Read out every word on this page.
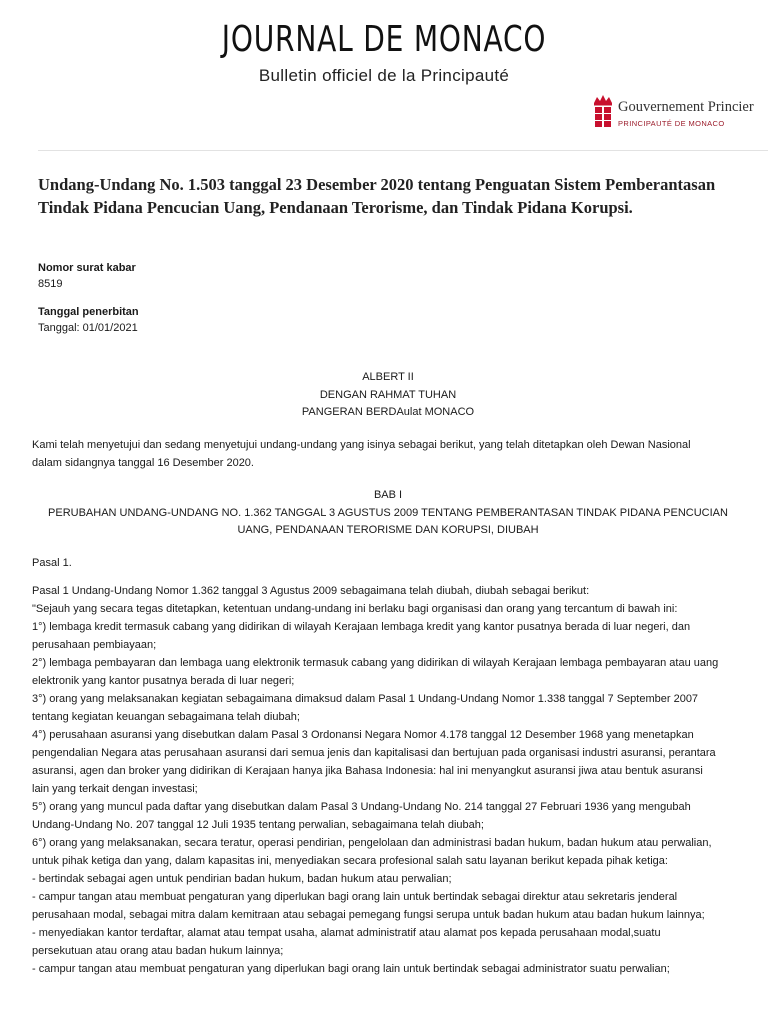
JOURNAL DE MONACO
Bulletin officiel de la Principauté
Gouvernement Princier
PRINCIPAUTÉ DE MONACO
Undang-Undang No. 1.503 tanggal 23 Desember 2020 tentang Penguatan Sistem Pemberantasan Tindak Pidana Pencucian Uang, Pendanaan Terorisme, dan Tindak Pidana Korupsi.
Nomor surat kabar
8519
Tanggal penerbitan
Tanggal: 01/01/2021
ALBERT II
DENGAN RAHMAT TUHAN
PANGERAN BERDAulat MONACO
Kami telah menyetujui dan sedang menyetujui undang-undang yang isinya sebagai berikut, yang telah ditetapkan oleh Dewan Nasional
dalam sidangnya tanggal 16 Desember 2020.
BAB I
PERUBAHAN UNDANG-UNDANG NO. 1.362 TANGGAL 3 AGUSTUS 2009 TENTANG PEMBERANTASAN TINDAK PIDANA PENCUCIAN
UANG, PENDANAAN TERORISME DAN KORUPSI, DIUBAH
Pasal 1.
Pasal 1 Undang-Undang Nomor 1.362 tanggal 3 Agustus 2009 sebagaimana telah diubah, diubah sebagai berikut:
"Sejauh yang secara tegas ditetapkan, ketentuan undang-undang ini berlaku bagi organisasi dan orang yang tercantum di bawah ini:
1°) lembaga kredit termasuk cabang yang didirikan di wilayah Kerajaan lembaga kredit yang kantor pusatnya berada di luar negeri, dan
perusahaan pembiayaan;
2°) lembaga pembayaran dan lembaga uang elektronik termasuk cabang yang didirikan di wilayah Kerajaan lembaga pembayaran atau uang
elektronik yang kantor pusatnya berada di luar negeri;
3°) orang yang melaksanakan kegiatan sebagaimana dimaksud dalam Pasal 1 Undang-Undang Nomor 1.338 tanggal 7 September 2007
tentang kegiatan keuangan sebagaimana telah diubah;
4°) perusahaan asuransi yang disebutkan dalam Pasal 3 Ordonansi Negara Nomor 4.178 tanggal 12 Desember 1968 yang menetapkan
pengendalian Negara atas perusahaan asuransi dari semua jenis dan kapitalisasi dan bertujuan pada organisasi industri asuransi, perantara
asuransi, agen dan broker yang didirikan di Kerajaan hanya jika Bahasa Indonesia: hal ini menyangkut asuransi jiwa atau bentuk asuransi
lain yang terkait dengan investasi;
5°) orang yang muncul pada daftar yang disebutkan dalam Pasal 3 Undang-Undang No. 214 tanggal 27 Februari 1936 yang mengubah
Undang-Undang No. 207 tanggal 12 Juli 1935 tentang perwalian, sebagaimana telah diubah;
6°) orang yang melaksanakan, secara teratur, operasi pendirian, pengelolaan dan administrasi badan hukum, badan hukum atau perwalian,
untuk pihak ketiga dan yang, dalam kapasitas ini, menyediakan secara profesional salah satu layanan berikut kepada pihak ketiga:
- bertindak sebagai agen untuk pendirian badan hukum, badan hukum atau perwalian;
- campur tangan atau membuat pengaturan yang diperlukan bagi orang lain untuk bertindak sebagai direktur atau sekretaris jenderal
perusahaan modal, sebagai mitra dalam kemitraan atau sebagai pemegang fungsi serupa untuk badan hukum atau badan hukum lainnya;
- menyediakan kantor terdaftar, alamat atau tempat usaha, alamat administratif atau alamat pos kepada perusahaan modal,suatu
persekutuan atau orang atau badan hukum lainnya;
- campur tangan atau membuat pengaturan yang diperlukan bagi orang lain untuk bertindak sebagai administrator suatu perwalian;
